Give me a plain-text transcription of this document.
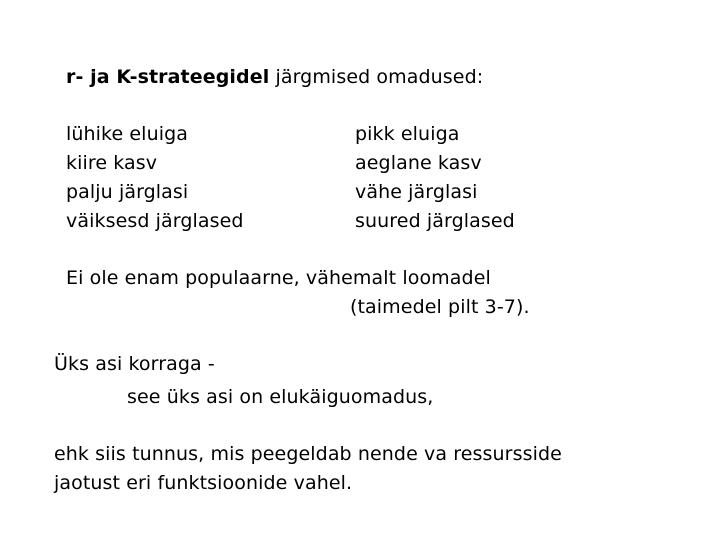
r- ja K-strateegidel järgmised omadused:
lühike eluiga
kiire kasv
palju järglasi
väiksesd järglased
pikk eluiga
aeglane kasv
vähe järglasi
suured järglased
Ei ole enam populaarne, vähemalt loomadel
(taimedel pilt 3-7).
Üks asi korraga -
see üks asi on elukäiguomadus,
ehk siis tunnus, mis peegeldab nende va ressursside
jaotust eri funktsioonide vahel.
